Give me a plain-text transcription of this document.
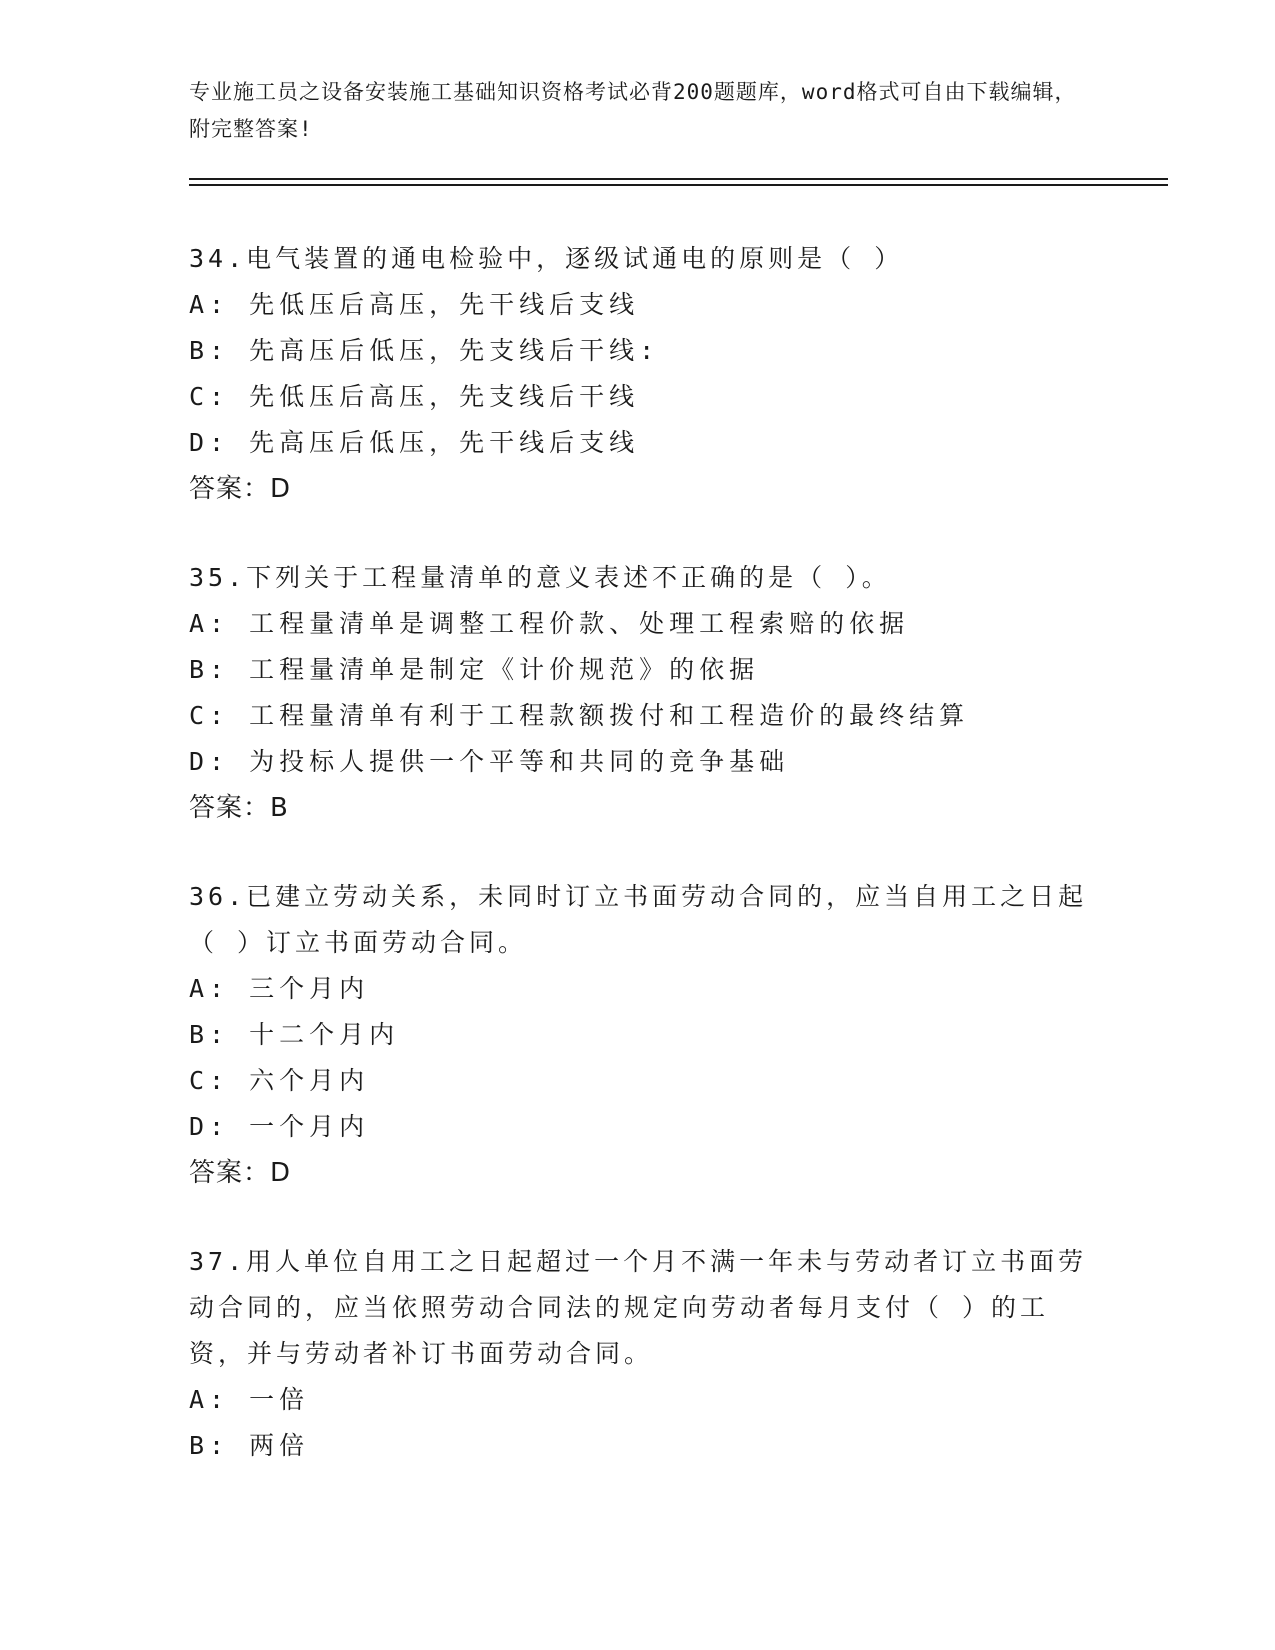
专业施工员之设备安装施工基础知识资格考试必背200题题库，word格式可自由下载编辑，附完整答案!

34.电气装置的通电检验中，逐级试通电的原则是（ ）

A: 先低压后高压，先干线后支线

B: 先高压后低压，先支线后干线:

C: 先低压后高压，先支线后干线

D: 先高压后低压，先干线后支线

答案：D

35.下列关于工程量清单的意义表述不正确的是（ ）。

A: 工程量清单是调整工程价款、处理工程索赔的依据

B: 工程量清单是制定《计价规范》的依据

C: 工程量清单有利于工程款额拨付和工程造价的最终结算

D: 为投标人提供一个平等和共同的竞争基础

答案：B

36.已建立劳动关系，未同时订立书面劳动合同的，应当自用工之日起（ ）订立书面劳动合同。

A: 三个月内

B: 十二个月内

C: 六个月内

D: 一个月内

答案：D

37.用人单位自用工之日起超过一个月不满一年未与劳动者订立书面劳动合同的，应当依照劳动合同法的规定向劳动者每月支付（ ）的工资，并与劳动者补订书面劳动合同。

A: 一倍

B: 两倍
